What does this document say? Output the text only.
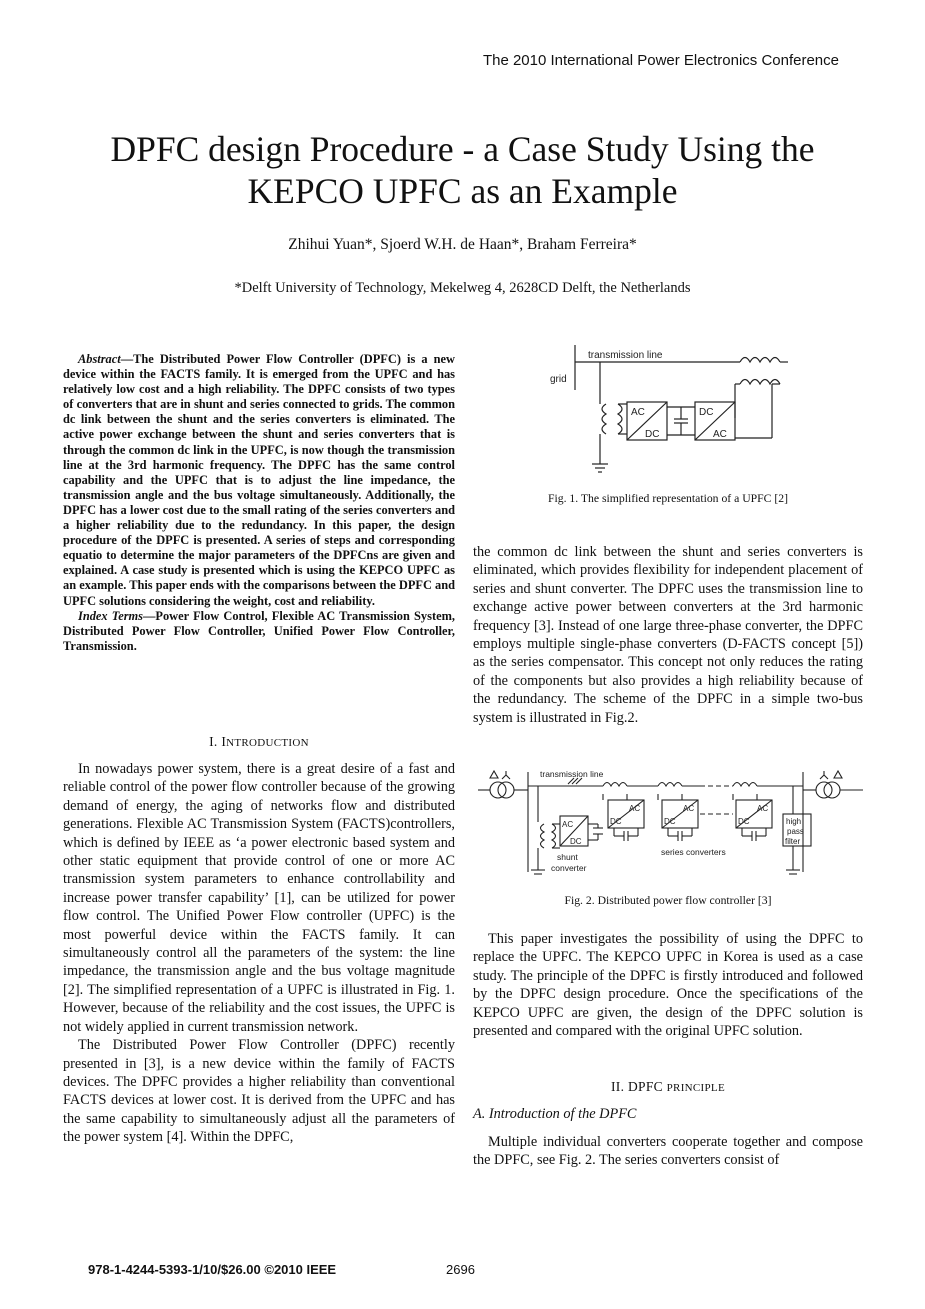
The 2010 International Power Electronics Conference
DPFC design Procedure - a Case Study Using the
KEPCO UPFC as an Example
Zhihui Yuan*, Sjoerd W.H. de Haan*, Braham Ferreira*
*Delft University of Technology, Mekelweg 4, 2628CD Delft, the Netherlands

Abstract—The Distributed Power Flow Controller (DPFC) is a new device within the FACTS family. It is emerged from the UPFC and has relatively low cost and a high reliability. The DPFC consists of two types of converters that are in shunt and series connected to grids. The common dc link between the shunt and the series converters is eliminated. The active power exchange between the shunt and series converters that is through the common dc link in the UPFC, is now though the transmission line at the 3rd harmonic frequency. The DPFC has the same control capability and the UPFC that is to adjust the line impedance, the transmission angle and the bus voltage simultaneously. Additionally, the DPFC has a lower cost due to the small rating of the series converters and a higher reliability due to the redundancy. In this paper, the design procedure of the DPFC is presented. A series of steps and corresponding equatio to determine the major parameters of the DPFCns are given and explained. A case study is presented which is using the KEPCO UPFC as an example. This paper ends with the comparisons between the DPFC and UPFC solutions considering the weight, cost and reliability.

Index Terms—Power Flow Control, Flexible AC Transmission System, Distributed Power Flow Controller, Unified Power Flow Controller, Transmission.

I. INTRODUCTION

In nowadays power system, there is a great desire of a fast and reliable control of the power flow controller because of the growing demand of energy, the aging of networks flow and distributed generations. Flexible AC Transmission System (FACTS)controllers, which is defined by IEEE as ‘a power electronic based system and other static equipment that provide control of one or more AC transmission system parameters to enhance controllability and increase power transfer capability’ [1], can be utilized for power flow control. The Unified Power Flow controller (UPFC) is the most powerful device within the FACTS family. It can simultaneously control all the parameters of the system: the line impedance, the transmission angle and the bus voltage magnitude [2]. The simplified representation of a UPFC is illustrated in Fig. 1. However, because of the reliability and the cost issues, the UPFC is not widely applied in current transmission network.

The Distributed Power Flow Controller (DPFC) recently presented in [3], is a new device within the family of FACTS devices. The DPFC provides a higher reliability than conventional FACTS devices at lower cost. It is derived from the UPFC and has the same capability to simultaneously adjust all the parameters of the power system [4]. Within the DPFC,

transmission line
grid
AC
DC
DC
AC
Fig. 1. The simplified representation of a UPFC [2]

the common dc link between the shunt and series converters is eliminated, which provides flexibility for independent placement of series and shunt converter. The DPFC uses the transmission line to exchange active power between converters at the 3rd harmonic frequency [3]. Instead of one large three-phase converter, the DPFC employs multiple single-phase converters (D-FACTS concept [5]) as the series compensator. This concept not only reduces the rating of the components but also provides a high reliability because of the redundancy. The scheme of the DPFC in a simple two-bus system is illustrated in Fig.2.

transmission line
AC
DC
shunt
converter
AC
DC
AC
DC
AC
DC
series converters
high
pass
filter
Fig. 2. Distributed power flow controller [3]

This paper investigates the possibility of using the DPFC to replace the UPFC. The KEPCO UPFC in Korea is used as a case study. The principle of the DPFC is firstly introduced and followed by the DPFC design procedure. Once the specifications of the KEPCO UPFC are given, the design of the DPFC solution is presented and compared with the original UPFC solution.

II. DPFC PRINCIPLE
A. Introduction of the DPFC

Multiple individual converters cooperate together and compose the DPFC, see Fig. 2. The series converters consist of

978-1-4244-5393-1/10/$26.00 ©2010 IEEE	2696
